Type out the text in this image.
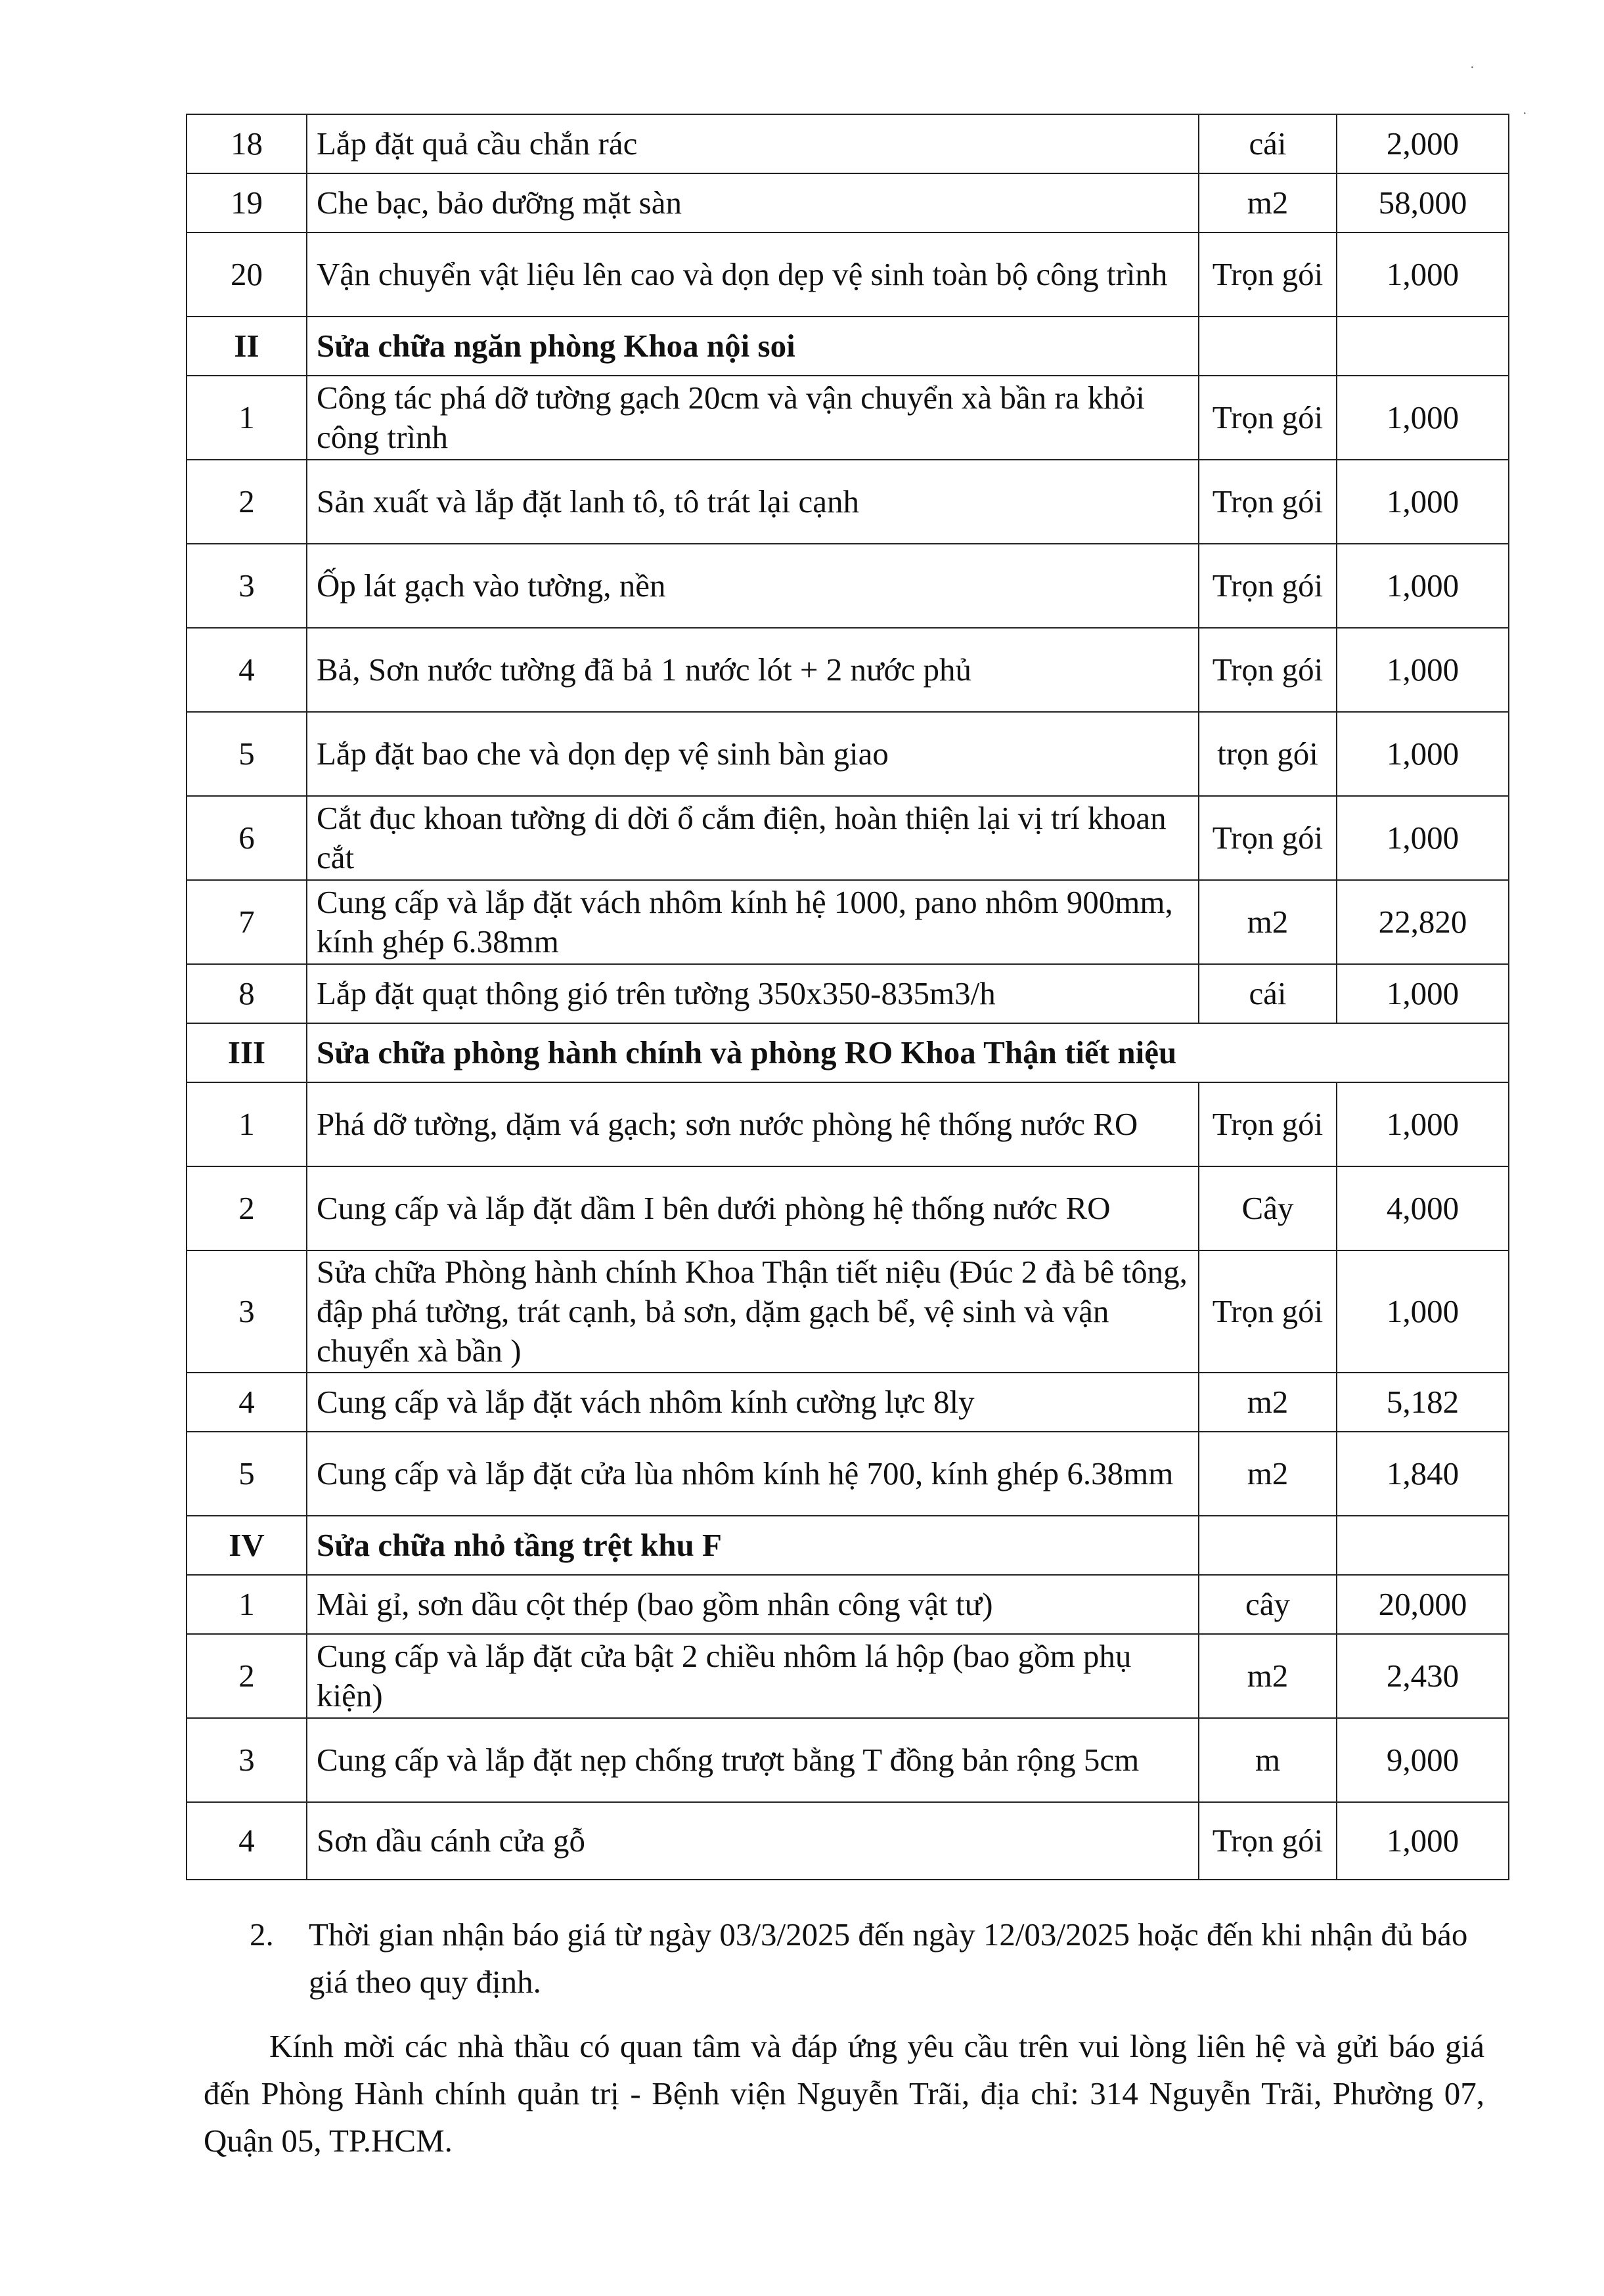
·
·
18	Lắp đặt quả cầu chắn rác	cái	2,000
19	Che bạc, bảo dưỡng mặt sàn	m2	58,000
20	Vận chuyển vật liệu lên cao và dọn dẹp vệ sinh toàn bộ công trình	Trọn gói	1,000
II	Sửa chữa ngăn phòng Khoa nội soi		
1	Công tác phá dỡ tường gạch 20cm và vận chuyển xà bần ra khỏi công trình	Trọn gói	1,000
2	Sản xuất và lắp đặt lanh tô, tô trát lại cạnh	Trọn gói	1,000
3	Ốp lát gạch vào tường, nền	Trọn gói	1,000
4	Bả, Sơn nước tường đã bả 1 nước lót + 2 nước phủ	Trọn gói	1,000
5	Lắp đặt bao che và dọn dẹp vệ sinh bàn giao	trọn gói	1,000
6	Cắt đục khoan tường di dời ổ cắm điện, hoàn thiện lại vị trí khoan cắt	Trọn gói	1,000
7	Cung cấp và lắp đặt vách nhôm kính hệ 1000, pano nhôm 900mm, kính ghép 6.38mm	m2	22,820
8	Lắp đặt quạt thông gió trên tường 350x350-835m3/h	cái	1,000
III	Sửa chữa phòng hành chính và phòng RO Khoa Thận tiết niệu		
1	Phá dỡ tường, dặm vá gạch; sơn nước phòng hệ thống nước RO	Trọn gói	1,000
2	Cung cấp và lắp đặt dầm I bên dưới phòng hệ thống nước RO	Cây	4,000
3	Sửa chữa Phòng hành chính Khoa Thận tiết niệu (Đúc 2 đà bê tông, đập phá tường, trát cạnh, bả sơn, dặm gạch bể, vệ sinh và vận chuyển xà bần )	Trọn gói	1,000
4	Cung cấp và lắp đặt vách nhôm kính cường lực 8ly	m2	5,182
5	Cung cấp và lắp đặt cửa lùa nhôm kính hệ 700, kính ghép 6.38mm	m2	1,840
IV	Sửa chữa nhỏ tầng trệt khu F		
1	Mài gỉ, sơn dầu cột thép (bao gồm nhân công vật tư)	cây	20,000
2	Cung cấp và lắp đặt cửa bật 2 chiều nhôm lá hộp (bao gồm phụ kiện)	m2	2,430
3	Cung cấp và lắp đặt nẹp chống trượt bằng T đồng bản rộng 5cm	m	9,000
4	Sơn dầu cánh cửa gỗ	Trọn gói	1,000
2. Thời gian nhận báo giá từ ngày 03/3/2025 đến ngày 12/03/2025 hoặc đến khi nhận đủ báo giá theo quy định.
Kính mời các nhà thầu có quan tâm và đáp ứng yêu cầu trên vui lòng liên hệ và gửi báo giá đến Phòng Hành chính quản trị - Bệnh viện Nguyễn Trãi, địa chỉ: 314 Nguyễn Trãi, Phường 07, Quận 05, TP.HCM.
